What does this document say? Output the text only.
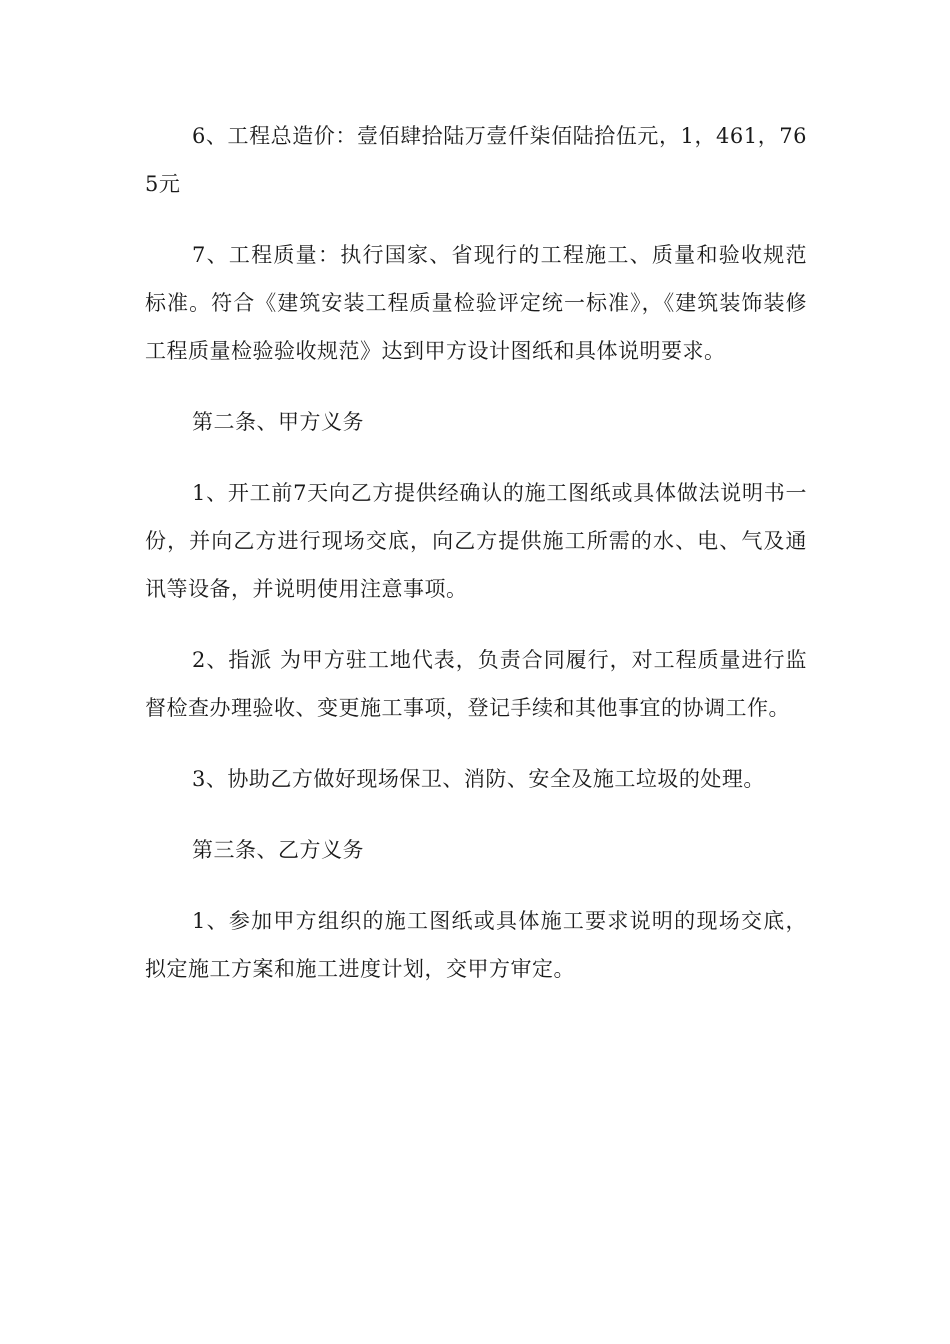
6、工程总造价：壹佰肆拾陆万壹仟柒佰陆拾伍元，1，461，765元

7、工程质量：执行国家、省现行的工程施工、质量和验收规范标准。符合《建筑安装工程质量检验评定统一标准》，《建筑装饰装修工程质量检验验收规范》达到甲方设计图纸和具体说明要求。

第二条、甲方义务

1、开工前7天向乙方提供经确认的施工图纸或具体做法说明书一份，并向乙方进行现场交底，向乙方提供施工所需的水、电、气及通讯等设备，并说明使用注意事项。

2、指派 为甲方驻工地代表，负责合同履行，对工程质量进行监督检查办理验收、变更施工事项，登记手续和其他事宜的协调工作。

3、协助乙方做好现场保卫、消防、安全及施工垃圾的处理。

第三条、乙方义务

1、参加甲方组织的施工图纸或具体施工要求说明的现场交底，拟定施工方案和施工进度计划，交甲方审定。
